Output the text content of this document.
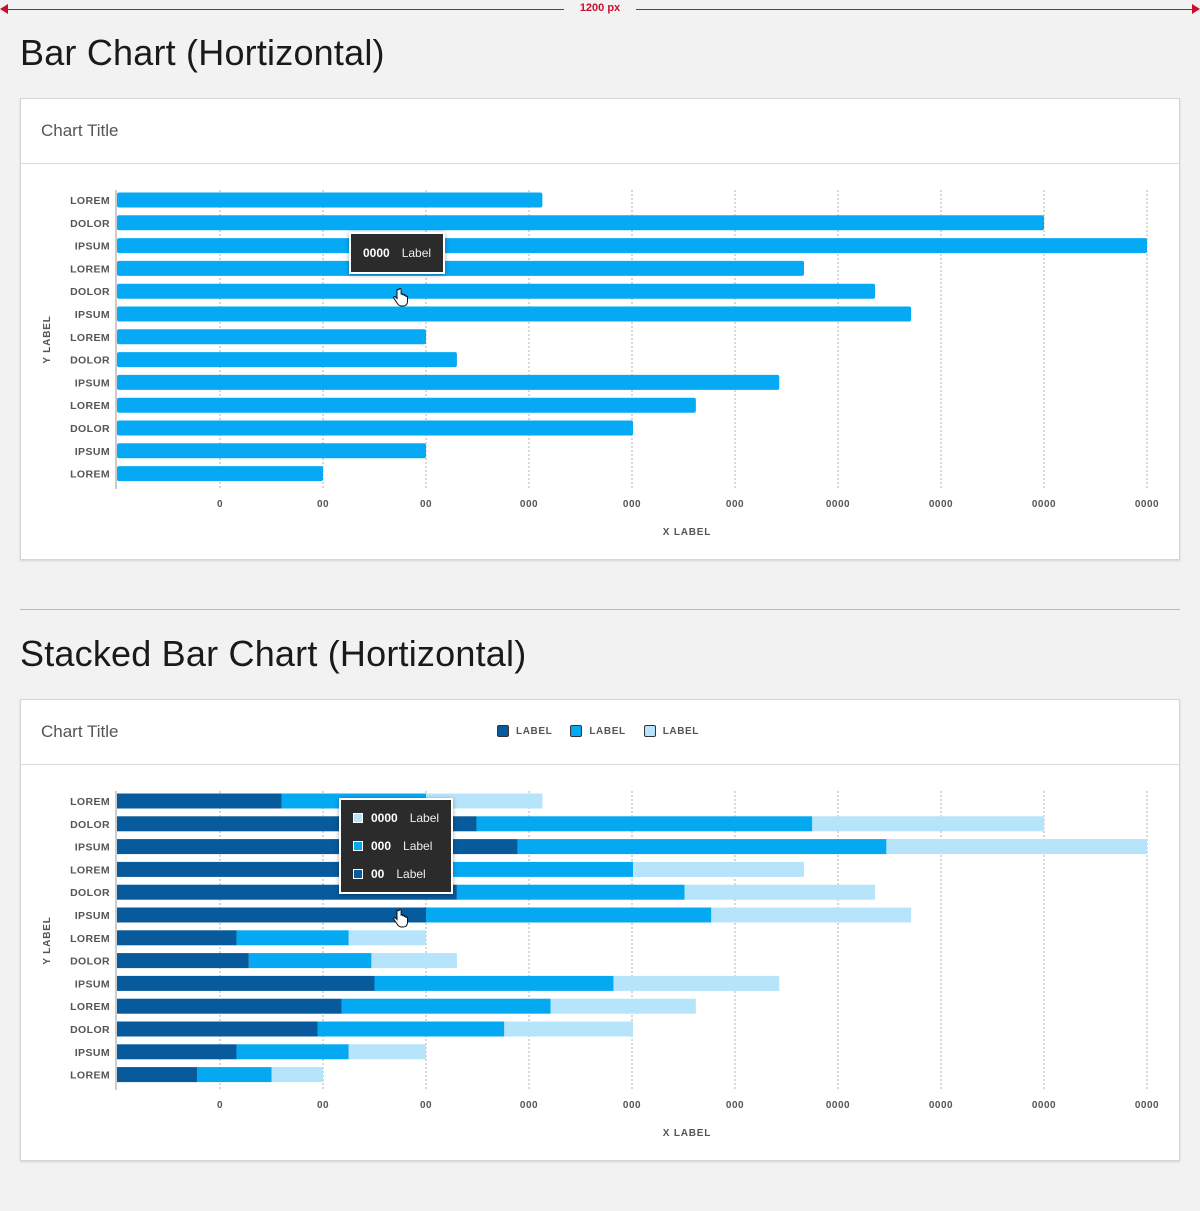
1200 px
Bar Chart (Hortizontal)
Chart Title
0	00	00	000	000	000	0000	0000	0000	0000
LOREM
DOLOR
IPSUM
LOREM
DOLOR
IPSUM
LOREM
DOLOR
IPSUM
LOREM
DOLOR
IPSUM
LOREM
X LABEL
Y LABEL
0000 Label
Stacked Bar Chart (Hortizontal)
Chart Title	LABEL	LABEL	LABEL
0	00	00	000	000	000	0000	0000	0000	0000
LOREM
DOLOR
IPSUM
LOREM
DOLOR
IPSUM
LOREM
DOLOR
IPSUM
LOREM
DOLOR
IPSUM
LOREM
X LABEL
Y LABEL
0000 Label
000 Label
00 Label
